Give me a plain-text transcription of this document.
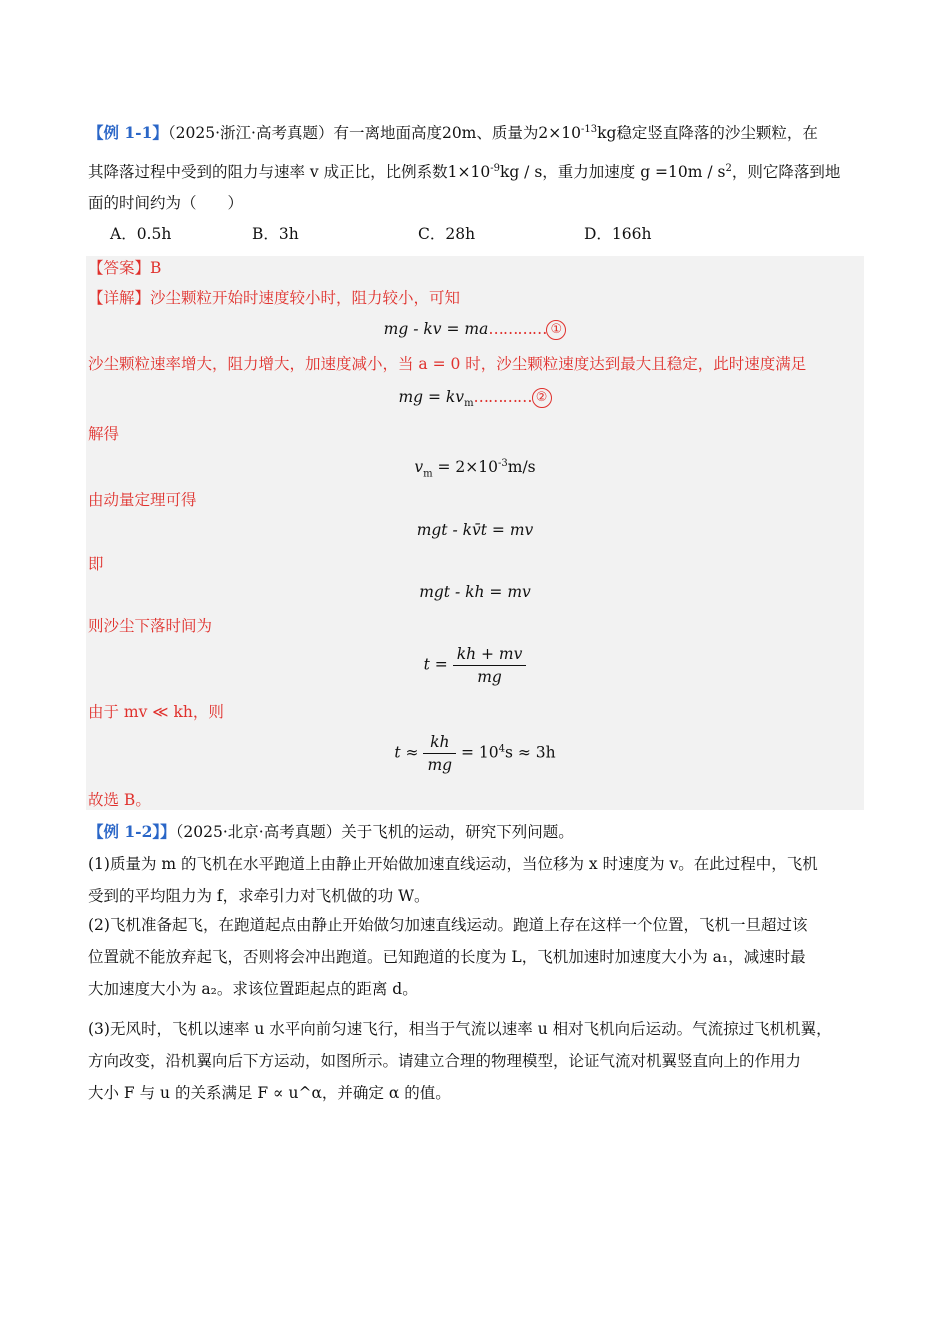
【例 1-1】（2025·浙江·高考真题）有一离地面高度20m、质量为$2\times 10^{-13}kg$稳定竖直降落的沙尘颗粒，在
其降落过程中受到的阻力与速率 v 成正比，比例系数$1\times 10^{-9}kg / s$，重力加速度 $g =10m / s^2$，则它降落到地
面的时间约为（　　）
A．0.5h	B．3h	C．28h	D．166h
【答案】B
【详解】沙尘颗粒开始时速度较小时，阻力较小，可知
mg - kv = ma………… ①
沙尘颗粒速率增大，阻力增大，加速度减小，当 a = 0 时，沙尘颗粒速度达到最大且稳定，此时速度满足
mg = $kv_m\dots\dots\dots\dots$ ②
解得
$v_m = 2\times 10^{-3}m/s$
由动量定理可得
mgt - kv̄t = mv
即
mgt - kh = mv
则沙尘下落时间为
$t = \frac{kh + mv}{mg}$
由于 mv ≪ kh，则
$t \approx \frac{kh}{mg} = 10^4s \approx 3h$
故选 B。
【例 1-2】】（2025·北京·高考真题）关于飞机的运动，研究下列问题。
(1)质量为 m 的飞机在水平跑道上由静止开始做加速直线运动，当位移为 x 时速度为 v。在此过程中，飞机
受到的平均阻力为 f，求牵引力对飞机做的功 W。
(2)飞机准备起飞，在跑道起点由静止开始做匀加速直线运动。跑道上存在这样一个位置，飞机一旦超过该
位置就不能放弃起飞，否则将会冲出跑道。已知跑道的长度为 L，飞机加速时加速度大小为 a₁，减速时最
大加速度大小为 a₂。求该位置距起点的距离 d。
(3)无风时，飞机以速率 u 水平向前匀速飞行，相当于气流以速率 u 相对飞机向后运动。气流掠过飞机机翼，
方向改变，沿机翼向后下方运动，如图所示。请建立合理的物理模型，论证气流对机翼竖直向上的作用力
大小 F 与 u 的关系满足 F ∝ u^α，并确定 α 的值。
